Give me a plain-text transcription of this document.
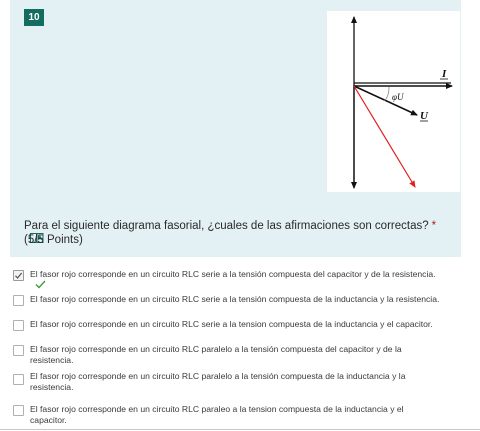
10
I
U
φU
Para el siguiente diagrama fasorial, ¿cuales de las afirmaciones son correctas? *
(5/5 Points)
El fasor rojo corresponde en un circuito RLC serie a la tensión compuesta del capacitor y de la resistencia.
El fasor rojo corresponde en un circuito RLC serie a la tensión compuesta de la inductancia y la resistencia.
El fasor rojo corresponde en un circuito RLC serie a la tension compuesta de la inductancia y el capacitor.
El fasor rojo corresponde en un circuito RLC paralelo a la tensión compuesta del capacitor y de la resistencia.
El fasor rojo corresponde en un circuito RLC paralelo a la tensión compuesta de la inductancia y la resistencia.
El fasor rojo corresponde en un circuito RLC paraleo a la tension compuesta de la inductancia y el capacitor.
